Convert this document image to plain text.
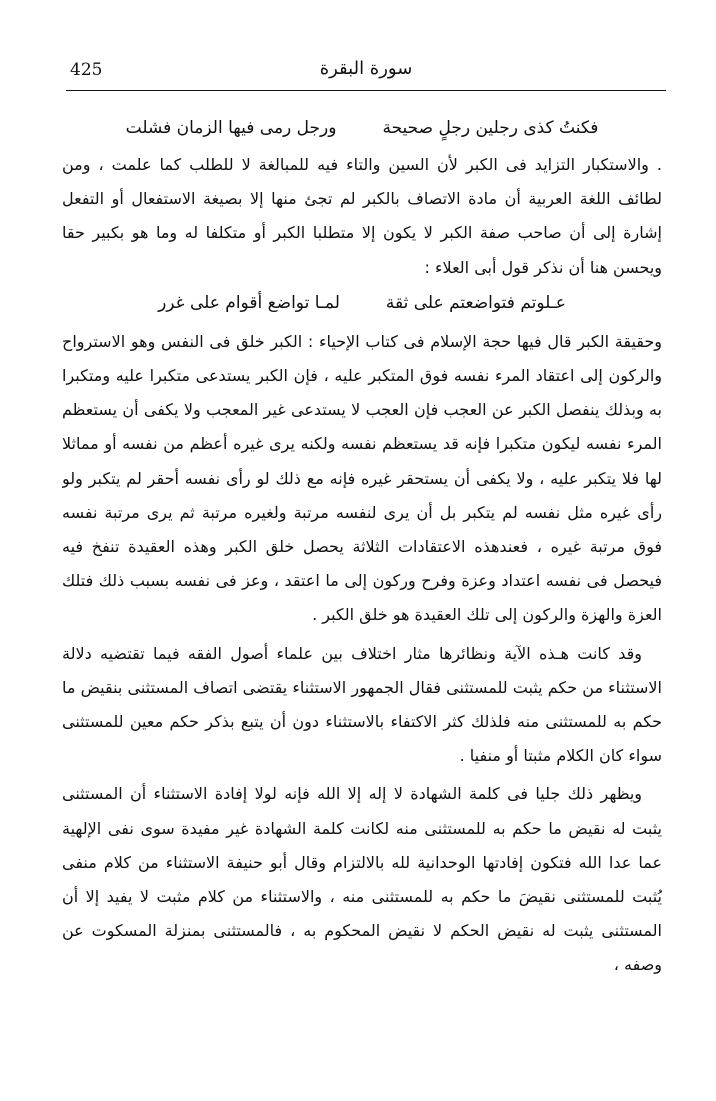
425	سورة البقرة
فكنتُ كذى رجلين رجلٍ صحيحة
ورجل رمى فيها الزمان فشلت

. والاستكبار التزايد فى الكبر لأن السين والتاء فيه للمبالغة لا للطلب كما علمت ، ومن لطائف اللغة العربية أن مادة الاتصاف بالكبر لم تجئ منها إلا بصيغة الاستفعال أو التفعل إشارة إلى أن صاحب صفة الكبر لا يكون إلا متطلبا الكبر أو متكلفا له وما هو بكبير حقا ويحسن هنا أن نذكر قول أبى العلاء :

عـلوتم فتواضعتم على ثقة
لمـا تواضع أقوام على غرر

وحقيقة الكبر قال فيها حجة الإسلام فى كتاب الإحياء : الكبر خلق فى النفس وهو الاسترواح والركون إلى اعتقاد المرء نفسه فوق المتكبر عليه ، فإن الكبر يستدعى متكبرا عليه ومتكبرا به وبذلك ينفصل الكبر عن العجب فإن العجب لا يستدعى غير المعجب ولا يكفى أن يستعظم المرء نفسه ليكون متكبرا فإنه قد يستعظم نفسه ولكنه يرى غيره أعظم من نفسه أو مماثلا لها فلا يتكبر عليه ، ولا يكفى أن يستحقر غيره فإنه مع ذلك لو رأى نفسه أحقر لم يتكبر ولو رأى غيره مثل نفسه لم يتكبر بل أن يرى لنفسه مرتبة ولغيره مرتبة ثم يرى مرتبة نفسه فوق مرتبة غيره ، فعندهذه الاعتقادات الثلاثة يحصل خلق الكبر وهذه العقيدة تنفخ فيه فيحصل فى نفسه اعتداد وعزة وفرح وركون إلى ما اعتقد ، وعز فى نفسه بسبب ذلك فتلك العزة والهزة والركون إلى تلك العقيدة هو خلق الكبر .

وقد كانت هـذه الآية ونظائرها مثار اختلاف بين علماء أصول الفقه فيما تقتضيه دلالة الاستثناء من حكم يثبت للمستثنى فقال الجمهور الاستثناء يقتضى اتصاف المستثنى بنقيض ما حكم به للمستثنى منه فلذلك كثر الاكتفاء بالاستثناء دون أن يتبع بذكر حكم معين للمستثنى سواء كان الكلام مثبتا أو منفيا .

ويظهر ذلك جليا فى كلمة الشهادة لا إله إلا الله فإنه لولا إفادة الاستثناء أن المستثنى يثبت له نقيض ما حكم به للمستثنى منه لكانت كلمة الشهادة غير مفيدة سوى نفى الإلهية عما عدا الله فتكون إفادتها الوحدانية لله بالالتزام وقال أبو حنيفة الاستثناء من كلام منفى يُثبت للمستثنى نقيضَ ما حكم به للمستثنى منه ، والاستثناء من كلام مثبت لا يفيد إلا أن المستثنى يثبت له نقيض الحكم لا نقيض المحكوم به ، فالمستثنى بمنزلة المسكوت عن وصفه ،
